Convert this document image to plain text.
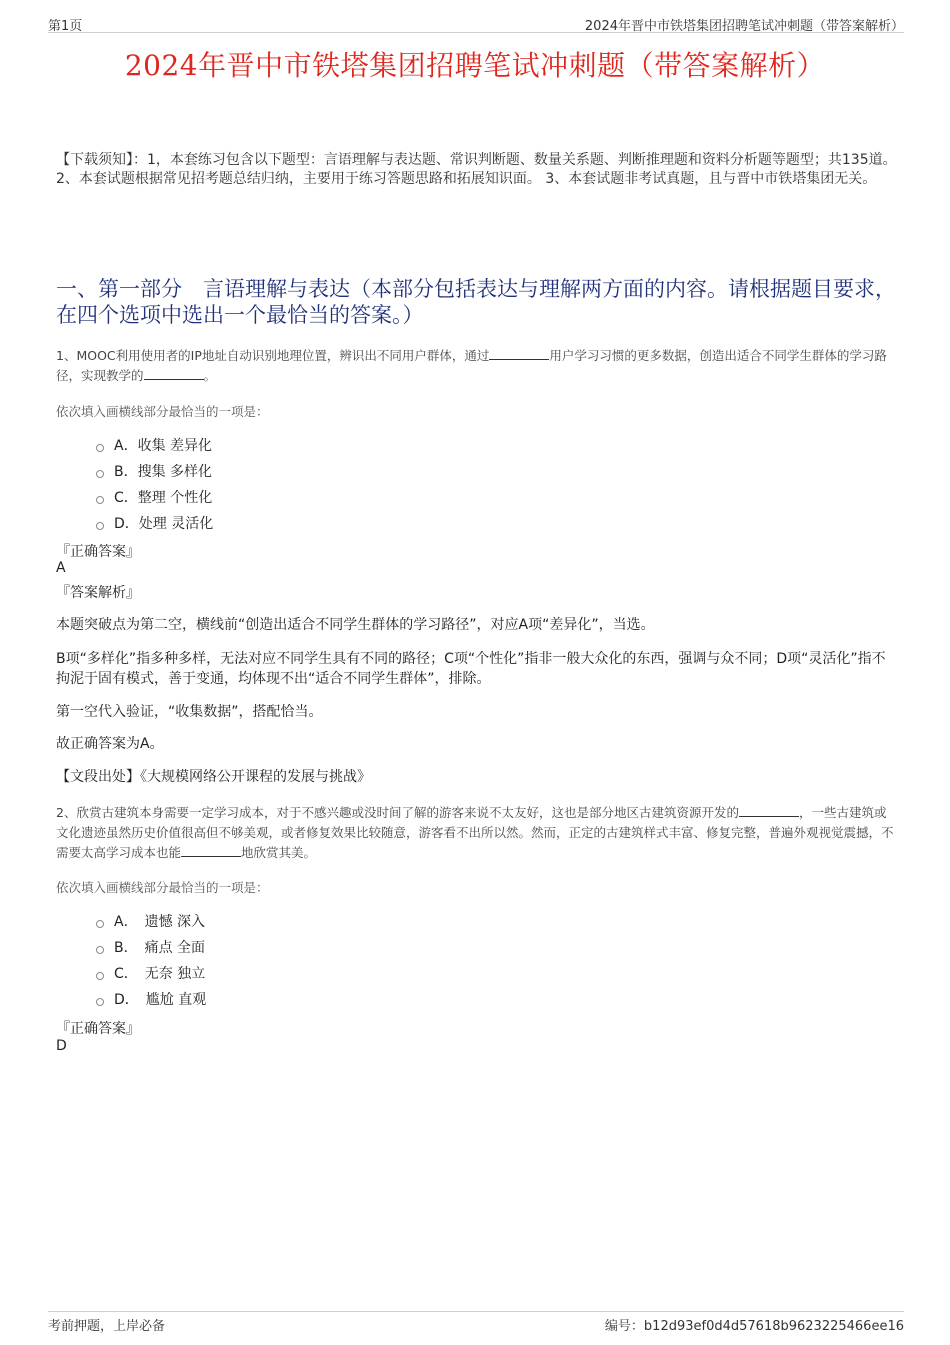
第1页	2024年晋中市铁塔集团招聘笔试冲刺题（带答案解析）
2024年晋中市铁塔集团招聘笔试冲刺题（带答案解析）
【下载须知】：1，本套练习包含以下题型：言语理解与表达题、常识判断题、数量关系题、判断推理题和资料分析题等题型；共135道。 2、本套试题根据常见招考题总结归纳，主要用于练习答题思路和拓展知识面。 3、本套试题非考试真题，且与晋中市铁塔集团无关。
一、第一部分　言语理解与表达（本部分包括表达与理解两方面的内容。请根据题目要求，在四个选项中选出一个最恰当的答案。）
1、MOOC利用使用者的IP地址自动识别地理位置，辨识出不同用户群体，通过	用户学习习惯的更多数据，创造出适合不同学生群体的学习路径，实现教学的	。
依次填入画横线部分最恰当的一项是：
A．收集 差异化
B．搜集 多样化
C．整理 个性化
D．处理 灵活化
『正确答案』
A
『答案解析』
本题突破点为第二空，横线前“创造出适合不同学生群体的学习路径”，对应A项“差异化”，当选。
B项“多样化”指多种多样，无法对应不同学生具有不同的路径；C项“个性化”指非一般大众化的东西，强调与众不同；D项“灵活化”指不拘泥于固有模式，善于变通，均体现不出“适合不同学生群体”，排除。
第一空代入验证，“收集数据”，搭配恰当。
故正确答案为A。
【文段出处】《大规模网络公开课程的发展与挑战》
2、欣赏古建筑本身需要一定学习成本，对于不感兴趣或没时间了解的游客来说不太友好，这也是部分地区古建筑资源开发的	，一些古建筑或文化遗迹虽然历史价值很高但不够美观，或者修复效果比较随意，游客看不出所以然。然而，正定的古建筑样式丰富、修复完整，普遍外观视觉震撼，不需要太高学习成本也能	地欣赏其美。
依次填入画横线部分最恰当的一项是：
A．　遗憾 深入
B．　痛点 全面
C．　无奈 独立
D．　尴尬 直观
『正确答案』
D
考前押题，上岸必备	编号：b12d93ef0d4d57618b9623225466ee16
